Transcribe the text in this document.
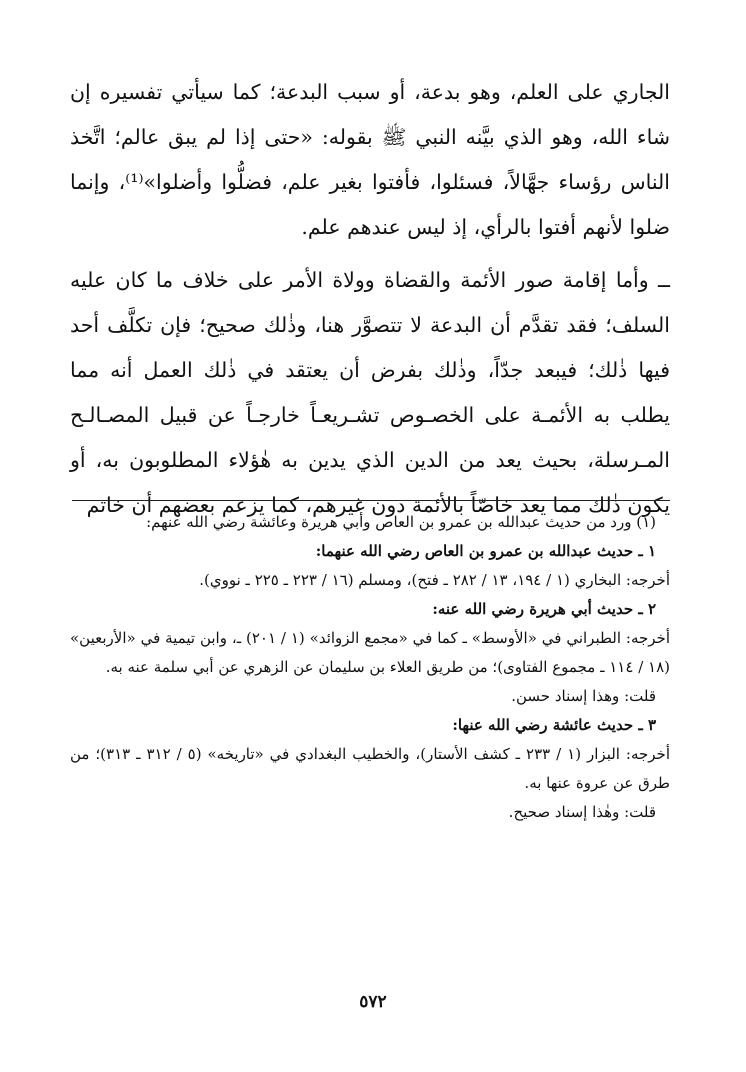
الجاري على العلم، وهو بدعة، أو سبب البدعة؛ كما سيأتي تفسيره إن شاء الله، وهو الذي بيَّنه النبي ﷺ بقوله: «حتى إذا لم يبق عالم؛ اتَّخذ الناس رؤساء جهَّالاً، فسئلوا، فأفتوا بغير علم، فضلُّوا وأضلوا»⁽¹⁾، وإنما ضلوا لأنهم أفتوا بالرأي، إذ ليس عندهم علم.

ــ وأما إقامة صور الأئمة والقضاة وولاة الأمر على خلاف ما كان عليه السلف؛ فقد تقدَّم أن البدعة لا تتصوَّر هنا، وذٰلك صحيح؛ فإن تكلَّف أحد فيها ذٰلك؛ فيبعد جدّاً، وذٰلك بفرض أن يعتقد في ذٰلك العمل أنه مما يطلب به الأئمـة على الخصـوص تشـريعـاً خارجـاً عن قبيل المصـالـح المـرسلة، بحيث يعد من الدين الذي يدين به هٰؤلاء المطلوبون به، أو يكون ذٰلك مما يعد خاصّاً بالأئمة دون غيرهم، كما يزعم بعضهم أن خاتم

(١) ورد من حديث عبدالله بن عمرو بن العاص وأبي هريرة وعائشة رضي الله عنهم:

١ ـ حديث عبدالله بن عمرو بن العاص رضي الله عنهما:

أخرجه: البخاري (١ / ١٩٤، ١٣ / ٢٨٢ ـ فتح)، ومسلم (١٦ / ٢٢٣ ـ ٢٢٥ ـ نووي).

٢ ـ حديث أبي هريرة رضي الله عنه:

أخرجه: الطبراني في «الأوسط» ـ كما في «مجمع الزوائد» (١ / ٢٠١) ـ، وابن تيمية في «الأربعين» (١٨ / ١١٤ ـ مجموع الفتاوى)؛ من طريق العلاء بن سليمان عن الزهري عن أبي سلمة عنه به.

قلت: وهذا إسناد حسن.

٣ ـ حديث عائشة رضي الله عنها:

أخرجه: البزار (١ / ٢٣٣ ـ كشف الأستار)، والخطيب البغدادي في «تاريخه» (٥ / ٣١٢ ـ ٣١٣)؛ من طرق عن عروة عنها به.

قلت: وهٰذا إسناد صحيح.

٥٧٢
